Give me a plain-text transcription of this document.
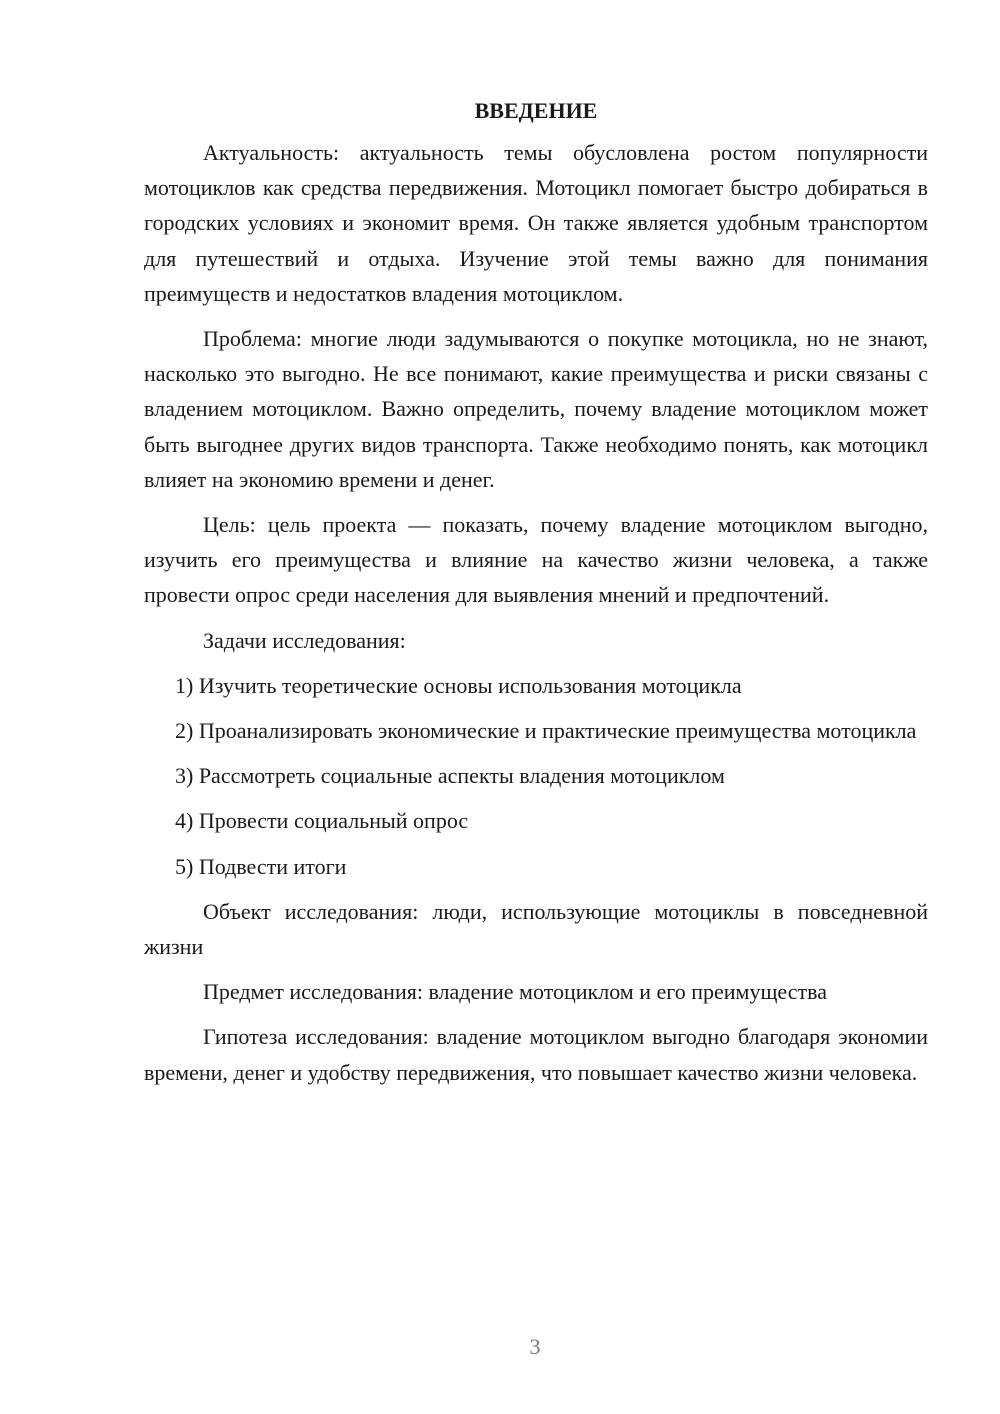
ВВЕДЕНИЕ

Актуальность: актуальность темы обусловлена ростом популярности мотоциклов как средства передвижения. Мотоцикл помогает быстро добираться в городских условиях и экономит время. Он также является удобным транспортом для путешествий и отдыха. Изучение этой темы важно для понимания преимуществ и недостатков владения мотоциклом.

Проблема: многие люди задумываются о покупке мотоцикла, но не знают, насколько это выгодно. Не все понимают, какие преимущества и риски связаны с владением мотоциклом. Важно определить, почему владение мотоциклом может быть выгоднее других видов транспорта. Также необходимо понять, как мотоцикл влияет на экономию времени и денег.

Цель: цель проекта — показать, почему владение мотоциклом выгодно, изучить его преимущества и влияние на качество жизни человека, а также провести опрос среди населения для выявления мнений и предпочтений.

Задачи исследования:

1) Изучить теоретические основы использования мотоцикла

2) Проанализировать экономические и практические преимущества мотоцикла

3) Рассмотреть социальные аспекты владения мотоциклом

4) Провести социальный опрос

5) Подвести итоги

Объект исследования: люди, использующие мотоциклы в повседневной жизни

Предмет исследования: владение мотоциклом и его преимущества

Гипотеза исследования: владение мотоциклом выгодно благодаря экономии времени, денег и удобству передвижения, что повышает качество жизни человека.

3
